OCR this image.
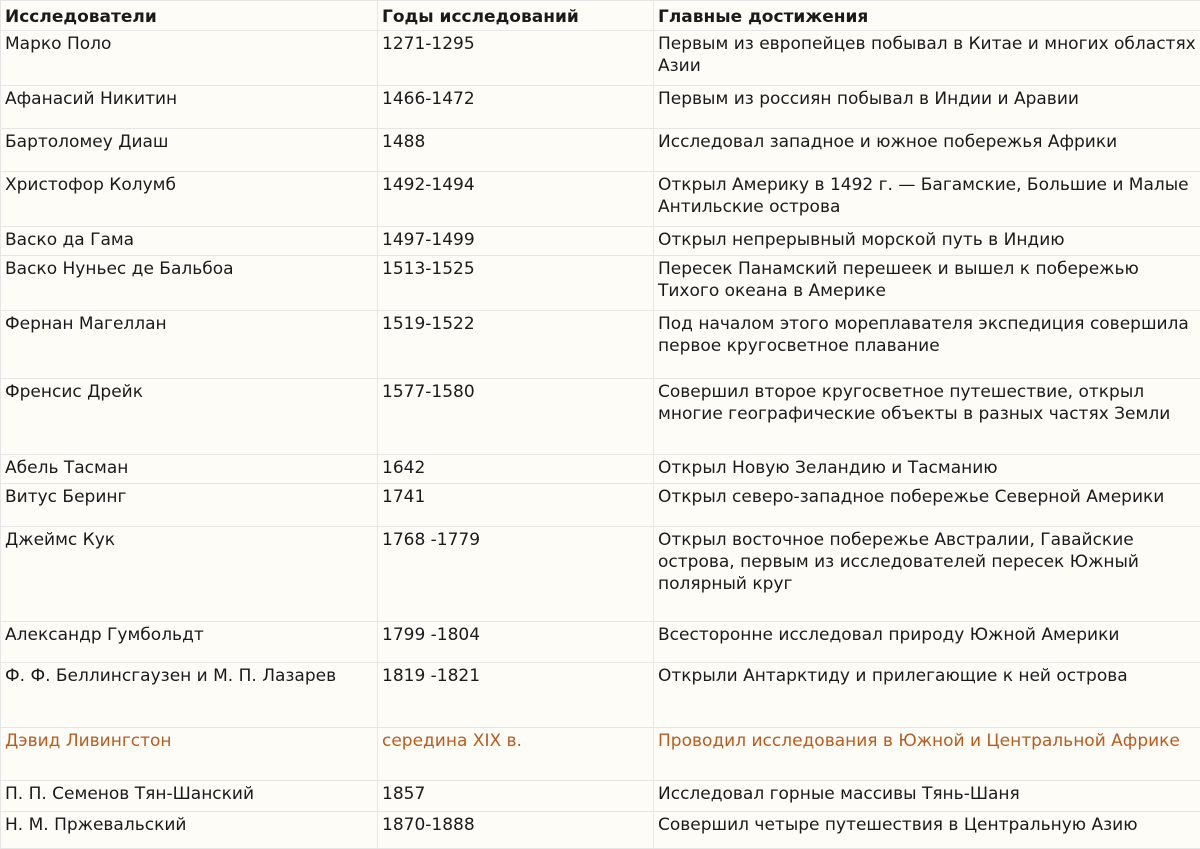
Исследователи	Годы исследований	Главные достижения
Марко Поло	1271-1295	Первым из европейцев побывал в Китае и многих областях Азии
Афанасий Никитин	1466-1472	Первым из россиян побывал в Индии и Аравии
Бартоломеу Диаш	1488	Исследовал западное и южное побережья Африки
Христофор Колумб	1492-1494	Открыл Америку в 1492 г. — Багамские, Большие и Малые Антильские острова
Васко да Гама	1497-1499	Открыл непрерывный морской путь в Индию
Васко Нуньес де Бальбоа	1513-1525	Пересек Панамский перешеек и вышел к побережью Тихого океана в Америке
Фернан Магеллан	1519-1522	Под началом этого мореплавателя экспедиция совершила первое кругосветное плавание
Френсис Дрейк	1577-1580	Совершил второе кругосветное путешествие, открыл многие географические объекты в разных частях Земли
Абель Тасман	1642	Открыл Новую Зеландию и Тасманию
Витус Беринг	1741	Открыл северо-западное побережье Северной Америки
Джеймс Кук	1768 -1779	Открыл восточное побережье Австралии, Гавайские острова, первым из исследователей пересек Южный полярный круг
Александр Гумбольдт	1799 -1804	Всесторонне исследовал природу Южной Америки
Ф. Ф. Беллинсгаузен и М. П. Лазарев	1819 -1821	Открыли Антарктиду и прилегающие к ней острова
Дэвид Ливингстон	середина XIX в.	Проводил исследования в Южной и Центральной Африке
П. П. Семенов Тян-Шанский	1857	Исследовал горные массивы Тянь-Шаня
Н. М. Пржевальский	1870-1888	Совершил четыре путешествия в Центральную Азию
